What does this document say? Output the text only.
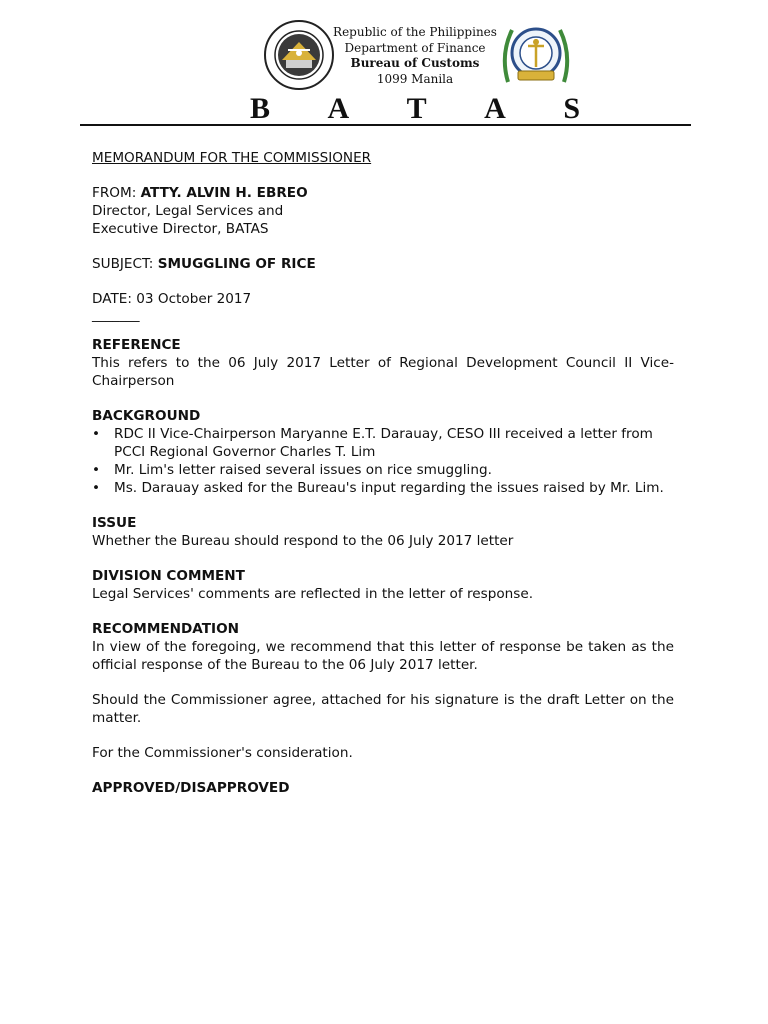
Republic of the Philippines
Department of Finance
Bureau of Customs
1099 Manila
B A T A S

MEMORANDUM FOR THE COMMISSIONER

FROM: ATTY. ALVIN H. EBREO

Director, Legal Services and

Executive Director, BATAS

SUBJECT: SMUGGLING OF RICE

DATE: 03 October 2017

_______

REFERENCE

This refers to the 06 July 2017 Letter of Regional Development Council II Vice-Chairperson

BACKGROUND

• RDC II Vice-Chairperson Maryanne E.T. Darauay, CESO III received a letter from PCCI Regional Governor Charles T. Lim
• Mr. Lim's letter raised several issues on rice smuggling.
• Ms. Darauay asked for the Bureau's input regarding the issues raised by Mr. Lim.

ISSUE

Whether the Bureau should respond to the 06 July 2017 letter

DIVISION COMMENT

Legal Services' comments are reflected in the letter of response.

RECOMMENDATION

In view of the foregoing, we recommend that this letter of response be taken as the official response of the Bureau to the 06 July 2017 letter.

Should the Commissioner agree, attached for his signature is the draft Letter on the matter.

For the Commissioner's consideration.

APPROVED/DISAPPROVED
